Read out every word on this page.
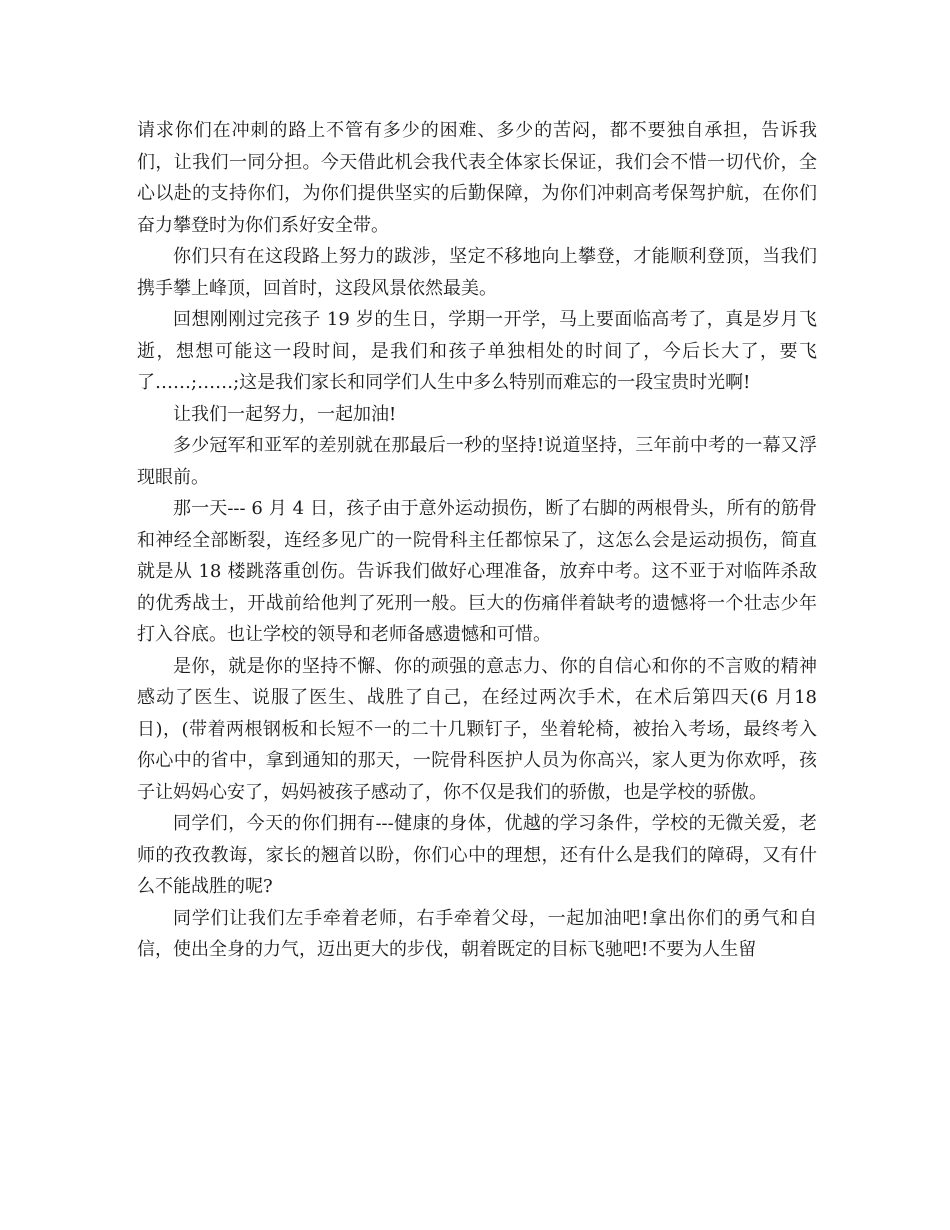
请求你们在冲刺的路上不管有多少的困难、多少的苦闷，都不要独自承担，告诉我们，让我们一同分担。今天借此机会我代表全体家长保证，我们会不惜一切代价，全心以赴的支持你们，为你们提供坚实的后勤保障，为你们冲刺高考保驾护航，在你们奋力攀登时为你们系好安全带。

你们只有在这段路上努力的跋涉，坚定不移地向上攀登，才能顺利登顶，当我们携手攀上峰顶，回首时，这段风景依然最美。

回想刚刚过完孩子 19 岁的生日，学期一开学，马上要面临高考了，真是岁月飞逝，想想可能这一段时间，是我们和孩子单独相处的时间了，今后长大了，要飞了……;……;这是我们家长和同学们人生中多么特别而难忘的一段宝贵时光啊!

让我们一起努力，一起加油!

多少冠军和亚军的差别就在那最后一秒的坚持!说道坚持，三年前中考的一幕又浮现眼前。

那一天--- 6 月 4 日，孩子由于意外运动损伤，断了右脚的两根骨头，所有的筋骨和神经全部断裂，连经多见广的一院骨科主任都惊呆了，这怎么会是运动损伤，简直就是从 18 楼跳落重创伤。告诉我们做好心理准备，放弃中考。这不亚于对临阵杀敌的优秀战士，开战前给他判了死刑一般。巨大的伤痛伴着缺考的遗憾将一个壮志少年打入谷底。也让学校的领导和老师备感遗憾和可惜。

是你，就是你的坚持不懈、你的顽强的意志力、你的自信心和你的不言败的精神感动了医生、说服了医生、战胜了自己，在经过两次手术，在术后第四天(6 月18 日)，(带着两根钢板和长短不一的二十几颗钉子，坐着轮椅，被抬入考场，最终考入你心中的省中，拿到通知的那天，一院骨科医护人员为你高兴，家人更为你欢呼，孩子让妈妈心安了，妈妈被孩子感动了，你不仅是我们的骄傲，也是学校的骄傲。

同学们，今天的你们拥有---健康的身体，优越的学习条件，学校的无微关爱，老师的孜孜教诲，家长的翘首以盼，你们心中的理想，还有什么是我们的障碍，又有什么不能战胜的呢?

同学们让我们左手牵着老师，右手牵着父母，一起加油吧!拿出你们的勇气和自信，使出全身的力气，迈出更大的步伐，朝着既定的目标飞驰吧!不要为人生留
